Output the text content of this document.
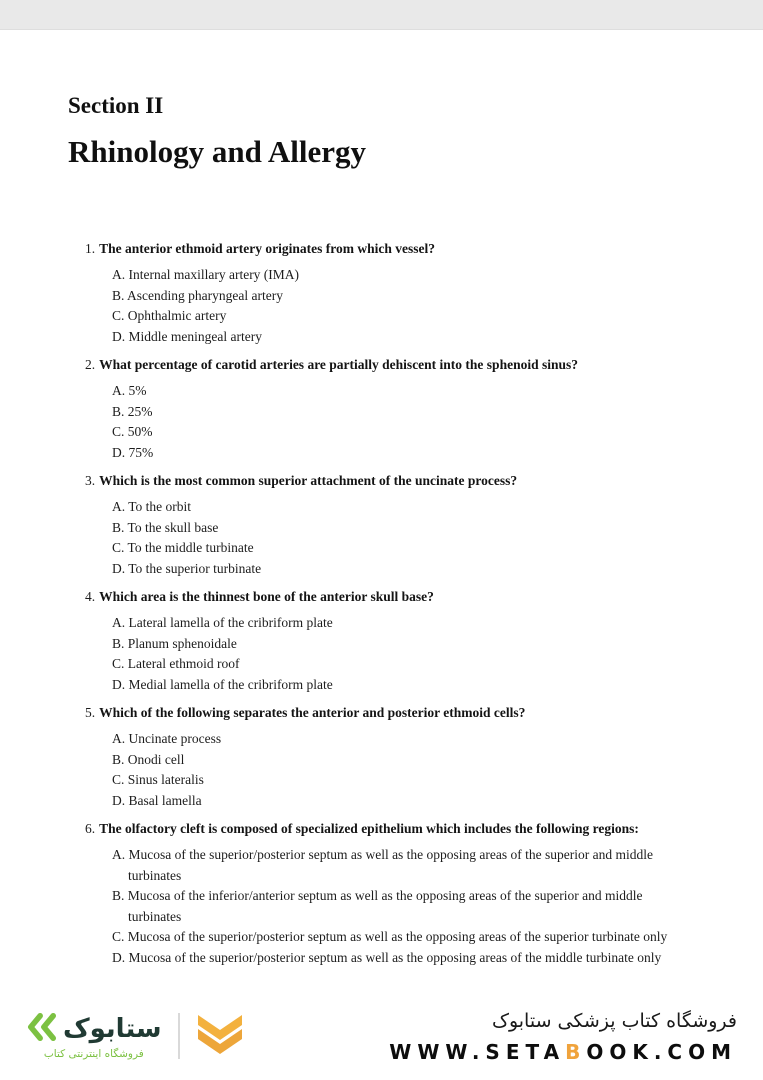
Section II
Rhinology and Allergy
1. The anterior ethmoid artery originates from which vessel?
A. Internal maxillary artery (IMA)
B. Ascending pharyngeal artery
C. Ophthalmic artery
D. Middle meningeal artery
2. What percentage of carotid arteries are partially dehiscent into the sphenoid sinus?
A. 5%
B. 25%
C. 50%
D. 75%
3. Which is the most common superior attachment of the uncinate process?
A. To the orbit
B. To the skull base
C. To the middle turbinate
D. To the superior turbinate
4. Which area is the thinnest bone of the anterior skull base?
A. Lateral lamella of the cribriform plate
B. Planum sphenoidale
C. Lateral ethmoid roof
D. Medial lamella of the cribriform plate
5. Which of the following separates the anterior and posterior ethmoid cells?
A. Uncinate process
B. Onodi cell
C. Sinus lateralis
D. Basal lamella
6. The olfactory cleft is composed of specialized epithelium which includes the following regions:
A. Mucosa of the superior/posterior septum as well as the opposing areas of the superior and middle turbinates
B. Mucosa of the inferior/anterior septum as well as the opposing areas of the superior and middle turbinates
C. Mucosa of the superior/posterior septum as well as the opposing areas of the superior turbinate only
D. Mucosa of the superior/posterior septum as well as the opposing areas of the middle turbinate only
ستابوک
فروشگاه اینترنتی کتاب
فروشگاه کتاب پزشکی ستابوک
WWW.SETABOOK.COM
